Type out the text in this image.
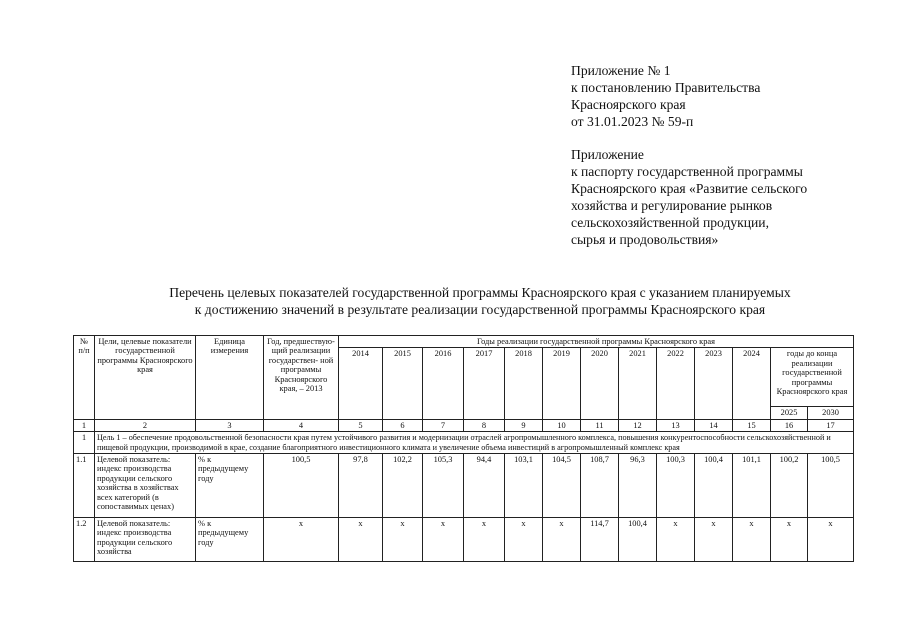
Приложение № 1
к постановлению Правительства
Красноярского края
от 31.01.2023 № 59-п
Приложение
к паспорту государственной программы
Красноярского края «Развитие сельского
хозяйства и регулирование рынков
сельскохозяйственной продукции,
сырья и продовольствия»
Перечень целевых показателей государственной программы Красноярского края с указанием планируемых
к достижению значений в результате реализации государственной программы Красноярского края
№ п/п	Цели, целевые показатели государственной программы Красноярского края	Единица измерения	Год, предшествую- щий реализации государствен- ной программы Красноярского края, – 2013	Годы реализации государственной программы Красноярского края												
				2014	2015	2016	2017	2018	2019	2020	2021	2022	2023	2024	годы до конца реализации государственной программы Красноярского края	
															2025	2030
1	2	3	4	5	6	7	8	9	10	11	12	13	14	15	16	17
1	Цель 1 – обеспечение продовольственной безопасности края путем устойчивого развития и модернизации отраслей агропромышленного комплекса, повышения конкурентоспособности сельскохозяйственной и пищевой продукции, производимой в крае, создание благоприятного инвестиционного климата и увеличение объема инвестиций в агропромышленный комплекс края															
1.1	Целевой показатель: индекс производства продукции сельского хозяйства в хозяйствах всех категорий (в сопоставимых ценах)	% к предыдущему году	100,5	97,8	102,2	105,3	94,4	103,1	104,5	108,7	96,3	100,3	100,4	101,1	100,2	100,5
1.2	Целевой показатель: индекс производства продукции сельского хозяйства	% к предыдущему году	x	x	x	x	x	x	x	114,7	100,4	x	x	x	x	x
